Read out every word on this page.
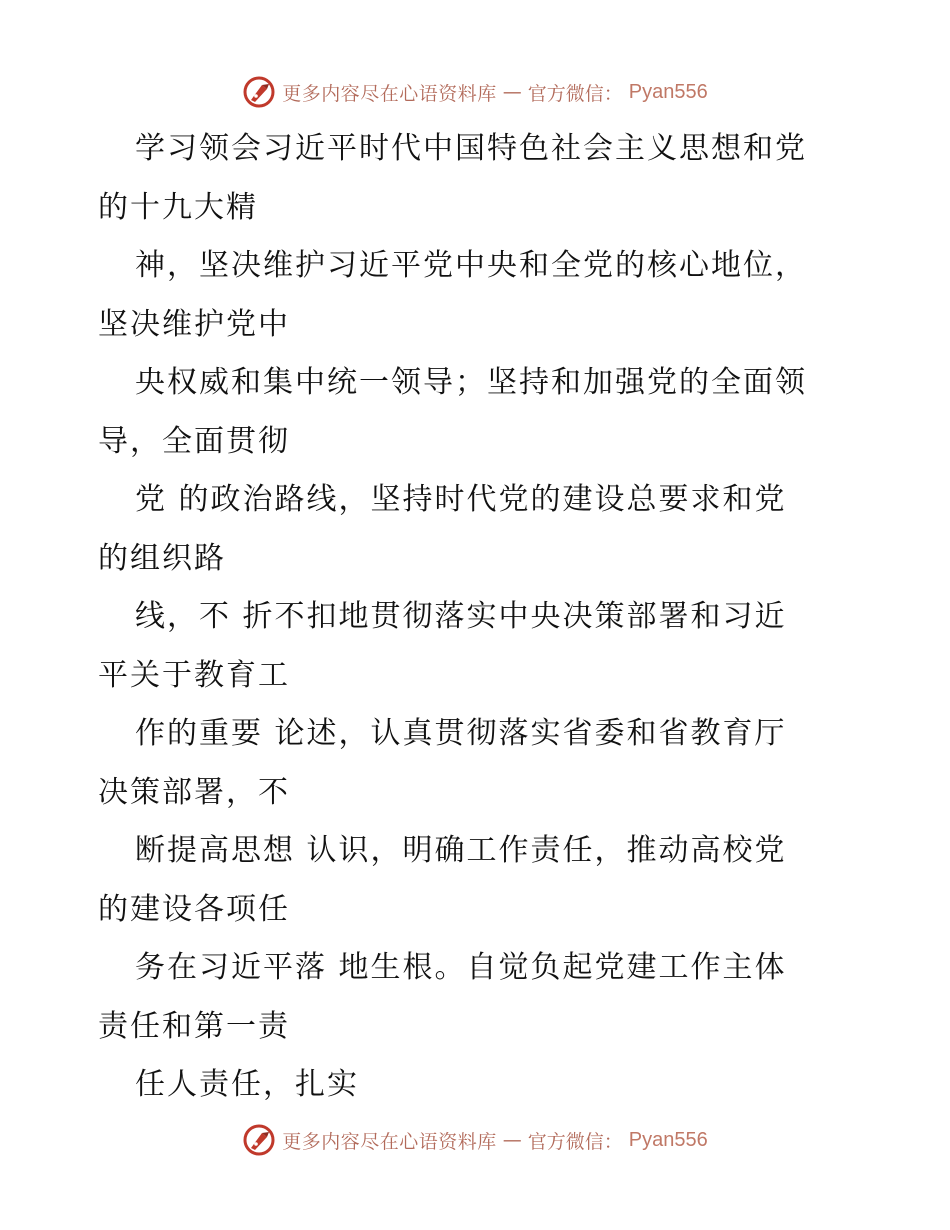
更多内容尽在心语资料库 — 官方微信： Pyan556
学习领会习近平时代中国特色社会主义思想和党
的十九大精
神，坚决维护习近平党中央和全党的核心地位，
坚决维护党中
央权威和集中统一领导；坚持和加强党的全面领
导，全面贯彻
党 的政治路线，坚持时代党的建设总要求和党
的组织路
线，不 折不扣地贯彻落实中央决策部署和习近
平关于教育工
作的重要 论述，认真贯彻落实省委和省教育厅
决策部署，不
断提高思想 认识，明确工作责任，推动高校党
的建设各项任
务在习近平落 地生根。自觉负起党建工作主体
责任和第一责
任人责任，扎实
更多内容尽在心语资料库 — 官方微信： Pyan556
